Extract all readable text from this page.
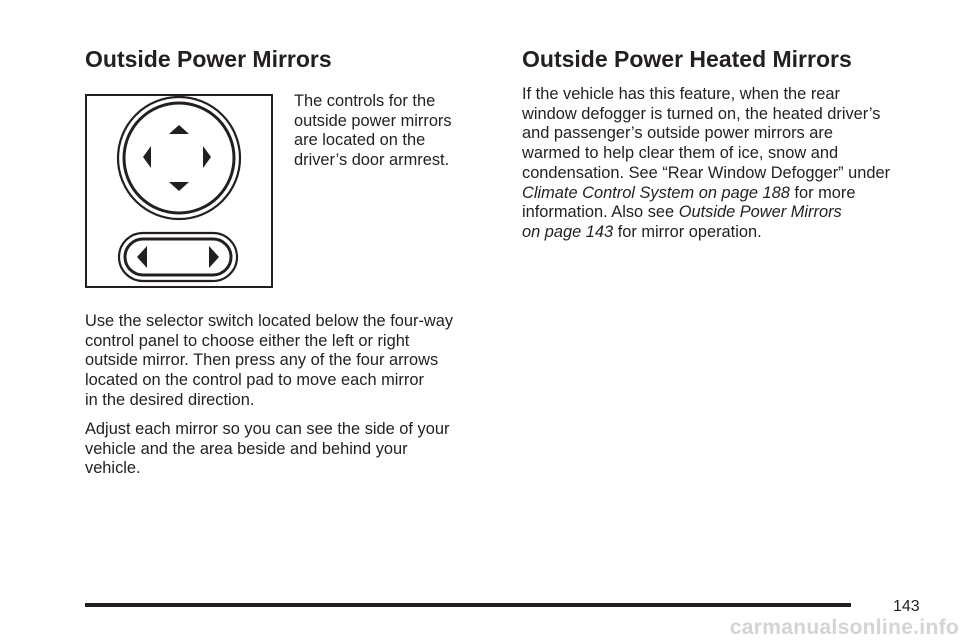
Outside Power Mirrors

The controls for the
outside power mirrors
are located on the
driver’s door armrest.

Use the selector switch located below the four-way
control panel to choose either the left or right
outside mirror. Then press any of the four arrows
located on the control pad to move each mirror
in the desired direction.

Adjust each mirror so you can see the side of your
vehicle and the area beside and behind your
vehicle.

Outside Power Heated Mirrors

If the vehicle has this feature, when the rear
window defogger is turned on, the heated driver’s
and passenger’s outside power mirrors are
warmed to help clear them of ice, snow and
condensation. See “Rear Window Defogger” under
Climate Control System on page 188 for more
information. Also see Outside Power Mirrors
on page 143 for mirror operation.

143
carmanualsonline.info
